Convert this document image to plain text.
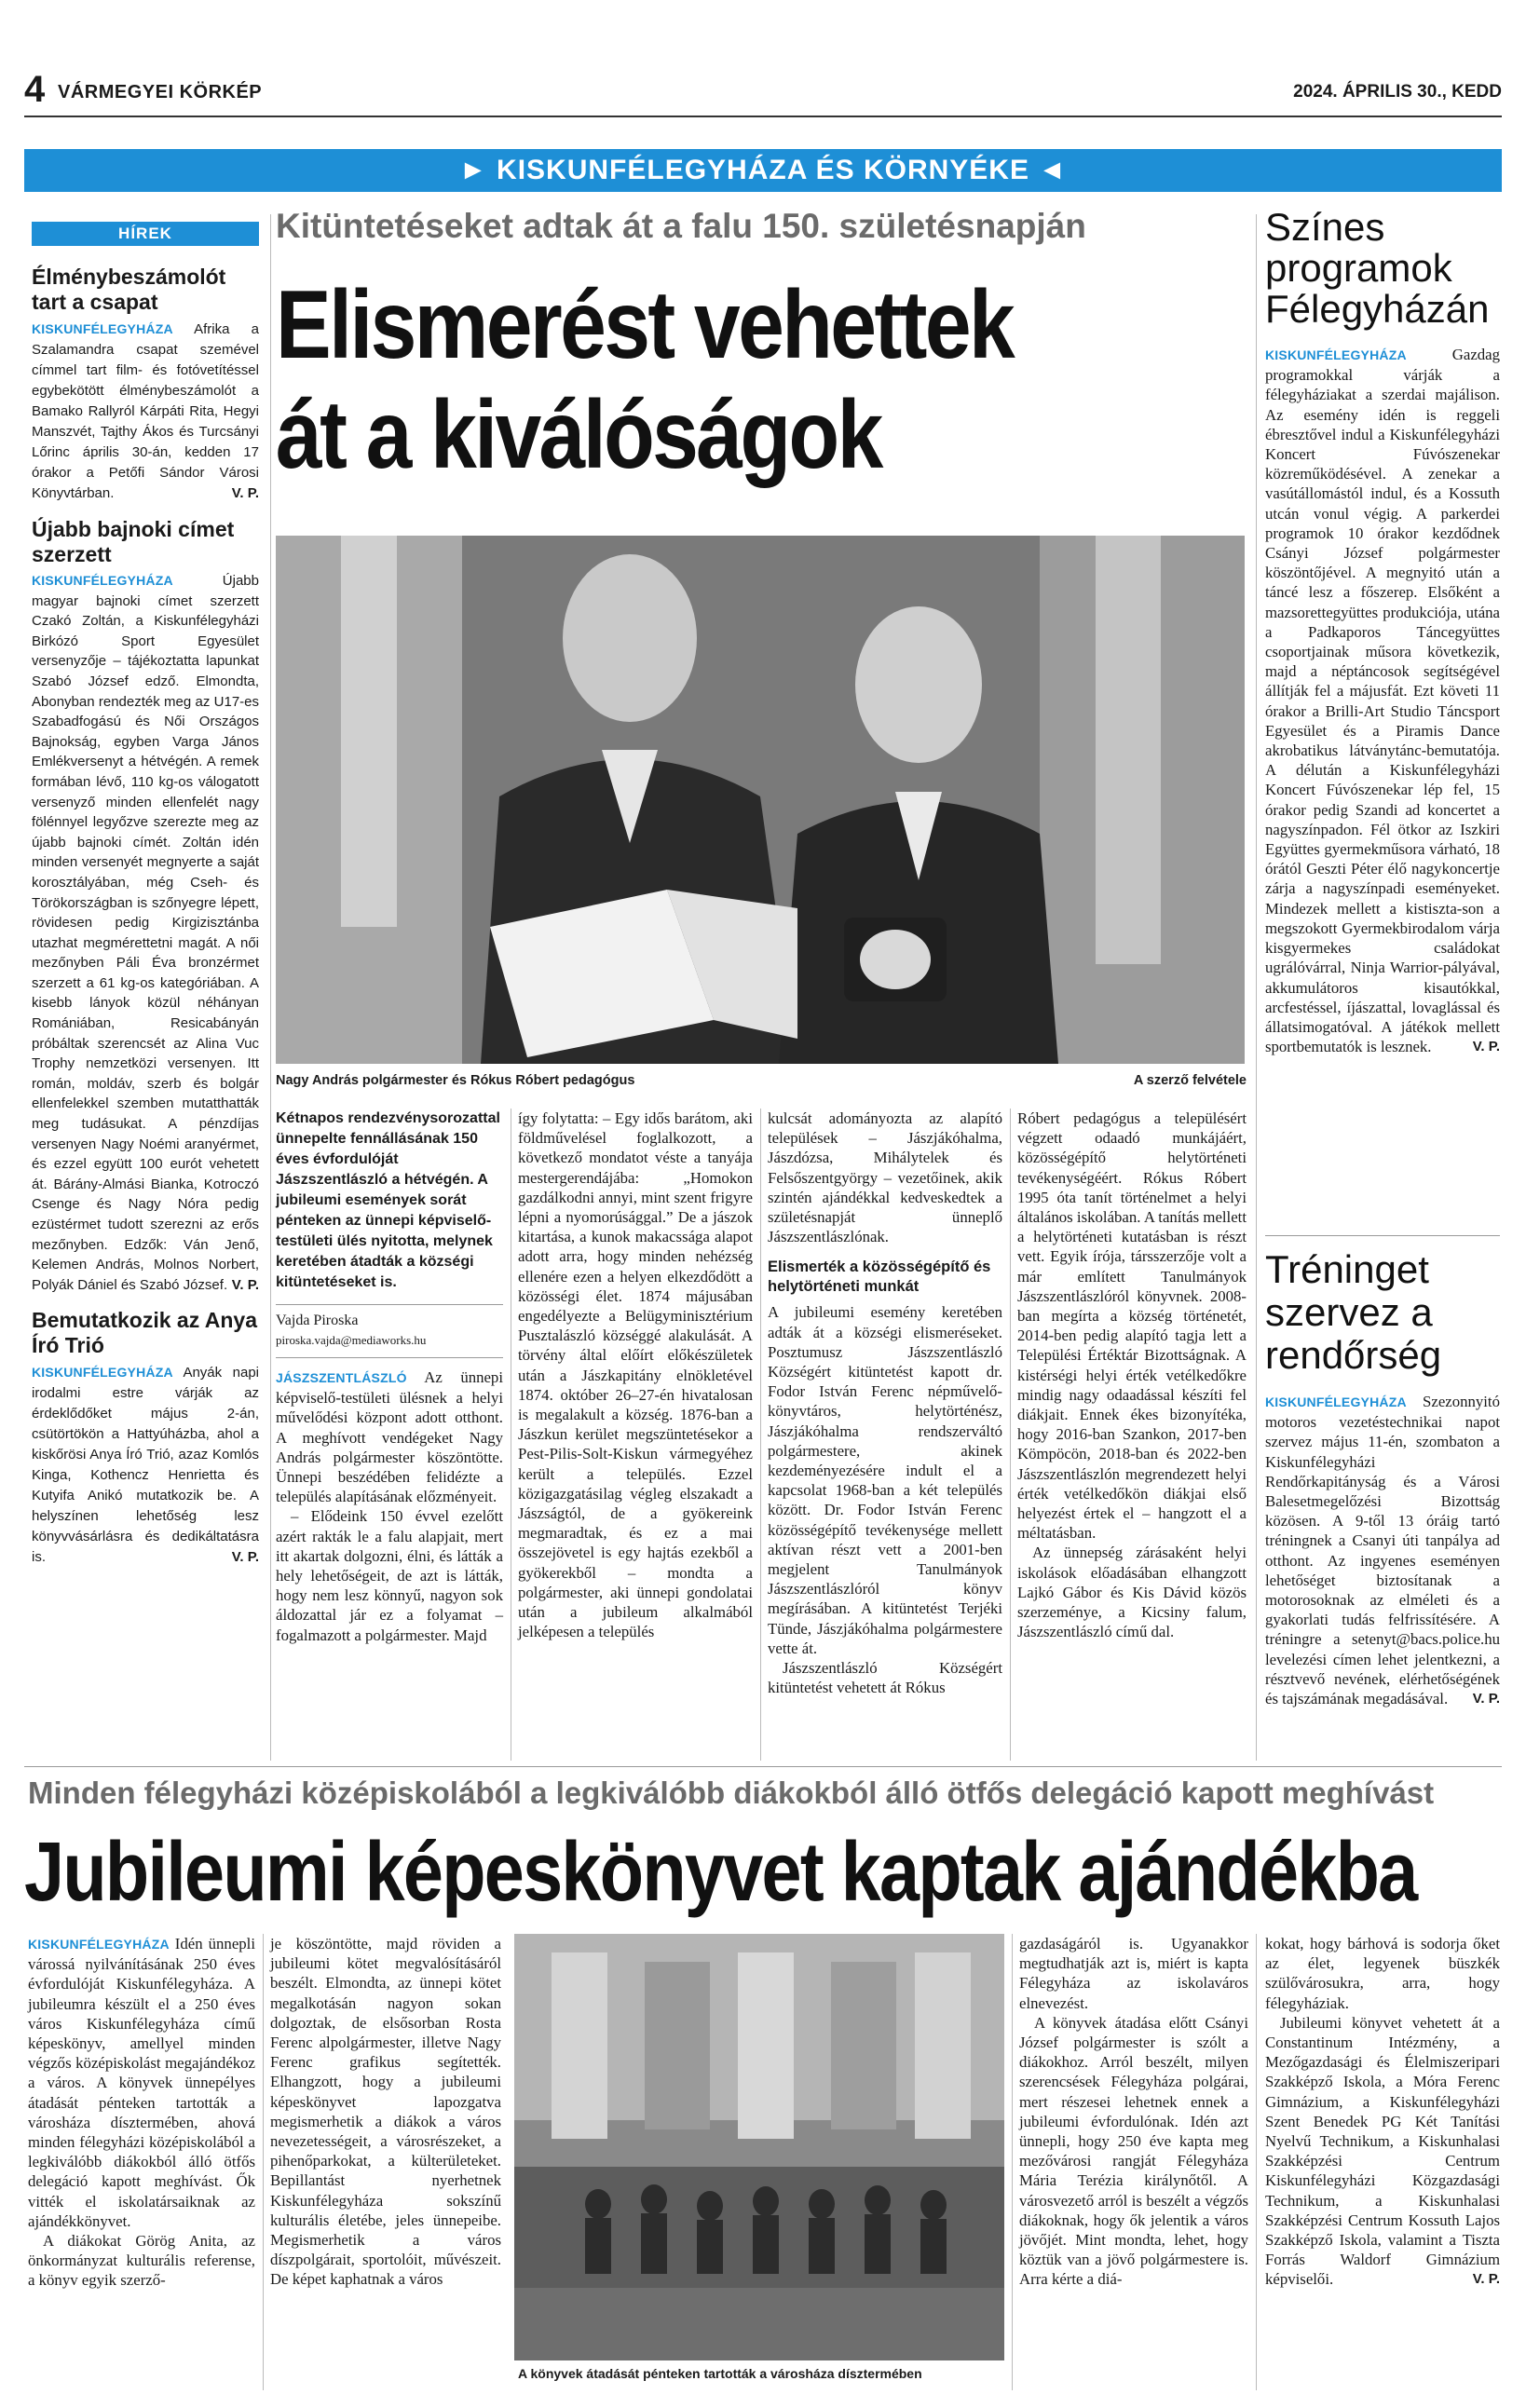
4 VÁRMEGYEI KÖRKÉP	2024. ÁPRILIS 30., KEDD
► KISKUNFÉLEGYHÁZA ÉS KÖRNYÉKE ◄
HÍREK
Élménybeszámolót tart a csapat
KISKUNFÉLEGYHÁZA Afrika a Szalamandra csapat szemével címmel tart film- és fotóvetítéssel egybekötött élménybeszámolót a Bamako Rallyról Kárpáti Rita, Hegyi Manszvét, Tajthy Ákos és Turcsányi Lőrinc április 30-án, kedden 17 órakor a Petőfi Sándor Városi Könyvtárban.	V. P.
Újabb bajnoki címet szerzett
KISKUNFÉLEGYHÁZA	Újabb magyar bajnoki címet szerzett Czakó Zoltán, a Kiskunfélegyházi Birkózó Sport Egyesület versenyzője – tájékoztatta lapunkat Szabó József edző. Elmondta, Abonyban rendezték meg az U17-es Szabadfogású és Női Országos Bajnokság, egyben Varga János Emlékversenyt a hétvégén. A remek formában lévő, 110 kg-os válogatott versenyző minden ellenfelét nagy fölénnyel legyőzve szerezte meg az újabb bajnoki címét. Zoltán idén minden versenyét megnyerte a saját korosztályában, még Cseh- és Törökországban is szőnyegre lépett, rövidesen pedig Kirgizisztánba utazhat megmérettetni magát. A női mezőnyben Páli Éva bronzérmet szerzett a 61 kg-os kategóriában. A kisebb lányok közül néhányan Romániában, Resicabányán próbáltak szerencsét az Alina Vuc Trophy nemzetközi versenyen. Itt román, moldáv, szerb és bolgár ellenfelekkel szemben mutatthatták meg tudásukat. A pénzdíjas versenyen Nagy Noémi aranyérmet, és ezzel együtt 100 eurót vehetett át. Bárány-Almási Bianka, Kotroczó Csenge és Nagy Nóra pedig ezüstérmet tudott szerezni az erős mezőnyben. Edzők: Ván Jenő, Kelemen András, Molnos Norbert, Polyák Dániel és Szabó József. V. P.
Bemutatkozik az Anya Író Trió
KISKUNFÉLEGYHÁZA Anyák napi irodalmi estre várják az érdeklődőket május 2-án, csütörtökön a Hattyúházba, ahol a kiskőrösi Anya Író Trió, azaz Komlós Kinga, Kothencz Henrietta és Kutyifa Anikó mutatkozik be. A helyszínen lehetőség lesz könyvvásárlásra és dedikáltatásra is.	V. P.
Kitüntetéseket adtak át a falu 150. születésnapján
Elismerést vehettek
át a kiválóságok
Nagy András polgármester és Rókus Róbert pedagógus	A szerző felvétele
Kétnapos rendezvénysorozattal ünnepelte fennállásának 150 éves évfordulóját Jászszentlászló a hétvégén. A jubileumi események sorát pénteken az ünnepi képviselő-testületi ülés nyitotta, melynek keretében átadták a községi kitüntetéseket is.
Vajda Piroska
piroska.vajda@mediaworks.hu

JÁSZSZENTLÁSZLÓ Az ünnepi képviselő-testületi ülésnek a helyi művelődési központ adott otthont. A meghívott vendégeket Nagy András polgármester köszöntötte. Ünnepi beszédében felidézte a település alapításának előzményeit.

– Elődeink 150 évvel ezelőtt azért rakták le a falu alapjait, mert itt akartak dolgozni, élni, és látták a hely lehetőségeit, de azt is látták, hogy nem lesz könnyű, nagyon sok áldozattal jár ez a folyamat – fogalmazott a polgármester. Majd

így folytatta: – Egy idős barátom, aki földművelésel foglalkozott, a következő mondatot véste a tanyája mestergerendájába: „Homokon gazdálkodni annyi, mint szent frigyre lépni a nyomorúsággal.” De a jászok kitartása, a kunok makacssága alapot adott arra, hogy minden nehézség ellenére ezen a helyen elkezdődött a közösségi élet. 1874 májusában engedélyezte a Belügyminisztérium Pusztalászló községgé alakulását. A törvény által előírt előkészületek után a Jászkapitány elnökletével 1874. október 26–27-én hivatalosan is megalakult a község. 1876-ban a Jászkun kerület megszüntetésekor a Pest-Pilis-Solt-Kiskun vármegyéhez került a település. Ezzel közigazgatásilag végleg elszakadt a Jászságtól, de a gyökereink megmaradtak, és ez a mai összejövetel is egy hajtás ezekből a gyökerekből – mondta a polgármester, aki ünnepi gondolatai után a jubileum alkalmából jelképesen a település

kulcsát adományozta az alapító települések – Jászjákóhalma, Jászdózsa, Mihálytelek és Felsőszentgyörgy – vezetőinek, akik szintén ajándékkal kedveskedtek a születésnapját ünneplő Jászszentlászlónak.

Elismerték a közösségépítő és helytörténeti munkát

A jubileumi esemény keretében adták át a községi elismeréseket. Posztumusz Jászszentlászló Községért kitüntetést kapott dr. Fodor István Ferenc népművelő-könyvtáros, helytörténész, Jászjákóhalma rendszerváltó polgármestere, akinek kezdeményezésére indult el a kapcsolat 1968-ban a két település között. Dr. Fodor István Ferenc közösségépítő tevékenysége mellett aktívan részt vett a 2001-ben megjelent Tanulmányok Jászszentlászlóról könyv megírásában. A kitüntetést Terjéki Tünde, Jászjákóhalma polgármestere vette át.

Jászszentlászló Községért kitüntetést vehetett át Rókus

Róbert pedagógus a településért végzett odaadó munkájáért, közösségépítő helytörténeti tevékenységéért. Rókus Róbert 1995 óta tanít történelmet a helyi általános iskolában. A tanítás mellett a helytörténeti kutatásban is részt vett. Egyik írója, társszerzője volt a már említett Tanulmányok Jászszentlászlóról könyvnek. 2008-ban megírta a község történetét, 2014-ben pedig alapító tagja lett a Települési Értéktár Bizottságnak. A kistérségi helyi érték vetélkedőkre mindig nagy odaadással készíti fel diákjait. Ennek ékes bizonyítéka, hogy 2016-ban Szankon, 2017-ben Kömpöcön, 2018-ban és 2022-ben Jászszentlászlón megrendezett helyi érték vetélkedőkön diákjai első helyezést értek el – hangzott el a méltatásban.

Az ünnepség zárásaként helyi iskolások előadásában elhangzott Lajkó Gábor és Kis Dávid közös szerzeménye, a Kicsiny falum, Jászszentlászló című dal.

Színes programok Félegyházán

KISKUNFÉLEGYHÁZA	Gazdag programokkal várják a félegyháziakat a szerdai majálison. Az esemény idén is reggeli ébresztővel indul a Kiskunfélegyházi Koncert Fúvószenekar közreműködésével. A zenekar a vasútállomástól indul, és a Kossuth utcán vonul végig. A parkerdei programok 10 órakor kezdődnek Csányi József polgármester köszöntőjével. A megnyitó után a táncé lesz a főszerep. Elsőként a mazsorettegyüttes produkciója, utána a Padkaporos Táncegyüttes csoportjainak műsora következik, majd a néptáncosok segítségével állítják fel a májusfát. Ezt követi 11 órakor a Brilli-Art Studio Táncsport Egyesület és a Piramis Dance akrobatikus látványtánc-bemutatója. A délután a Kiskunfélegyházi Koncert Fúvószenekar lép fel, 15 órakor pedig Szandi ad koncertet a nagyszínpadon. Fél ötkor az Iszkiri Együttes gyermekműsora várható, 18 órától Geszti Péter élő nagykoncertje zárja a nagyszínpadi eseményeket. Mindezek mellett a kistiszta-son a megszokott Gyermekbirodalom várja kisgyermekes családokat ugrálóvárral, Ninja Warrior-pályával, akkumulátoros kisautókkal, arcfestéssel, íjászattal, lovaglással és állatsimogatóval. A játékok mellett sportbemutatók is lesznek.	V. P.

Tréninget szervez a rendőrség

KISKUNFÉLEGYHÁZA Szezonnyitó motoros vezetéstechnikai napot szervez május 11-én, szombaton a Kiskunfélegyházi Rendőrkapitányság és a Városi Balesetmegelőzési Bizottság közösen. A 9-től 13 óráig tartó tréningnek a Csanyi úti tanpálya ad otthont. Az ingyenes eseményen lehetőséget biztosítanak a motorosoknak az elméleti és a gyakorlati tudás felfrissítésére. A tréningre a setenyt@bacs.police.hu levelezési címen lehet jelentkezni, a résztvevő nevének, elérhetőségének és tajszámának megadásával. V. P.

Minden félegyházi középiskolából a legkiválóbb diákokból álló ötfős delegáció kapott meghívást
Jubileumi képeskönyvet kaptak ajándékba

KISKUNFÉLEGYHÁZA Idén ünnepli várossá nyilvánításának 250 éves évfordulóját Kiskunfélegyháza. A jubileumra készült el a 250 éves város Kiskunfélegyháza című képeskönyv, amellyel minden végzős középiskolást megajándékoz a város. A könyvek ünnepélyes átadását pénteken tartották a városháza dísztermében, ahová minden félegyházi középiskolából a legkiválóbb diákokból álló ötfős delegáció kapott meghívást. Ők vitték el iskolatársaiknak az ajándékkönyvet.

A diákokat Görög Anita, az önkormányzat kulturális referense, a könyv egyik szerző-

je köszöntötte, majd röviden a jubileumi kötet megvalósításáról beszélt. Elmondta, az ünnepi kötet megalkotásán nagyon sokan dolgoztak, de elsősorban Rosta Ferenc alpolgármester, illetve Nagy Ferenc grafikus segítették. Elhangzott, hogy a jubileumi képeskönyvet lapozgatva megismerhetik a diákok a város nevezetességeit, a városrészeket, a pihenőparkokat, a külterületeket. Bepillantást nyerhetnek Kiskunfélegyháza sokszínű kulturális életébe, jeles ünnepeibe. Megismerhetik a város díszpolgárait, sportolóit, művészeit. De képet kaphatnak a város

A könyvek átadását pénteken tartották a városháza dísztermében

gazdaságáról is. Ugyanakkor megtudhatják azt is, miért is kapta Félegyháza az iskolaváros elnevezést.

A könyvek átadása előtt Csányi József polgármester is szólt a diákokhoz. Arról beszélt, milyen szerencsések Félegyháza polgárai, mert részesei lehetnek ennek a jubileumi évfordulónak. Idén azt ünnepli, hogy 250 éve kapta meg mezővárosi rangját Félegyháza Mária Terézia királynőtől. A városvezető arról is beszélt a végzős diákoknak, hogy ők jelentik a város jövőjét. Mint mondta, lehet, hogy köztük van a jövő polgármestere is. Arra kérte a diá-

kokat, hogy bárhová is sodorja őket az élet, legyenek büszkék szülővárosukra, arra, hogy félegyháziak.

Jubileumi könyvet vehetett át a Constantinum Intézmény, a Mezőgazdasági és Élelmiszeripari Szakképző Iskola, a Móra Ferenc Gimnázium, a Kiskunfélegyházi Szent Benedek PG Két Tanítási Nyelvű Technikum, a Kiskunhalasi Szakképzési Centrum Kiskunfélegyházi Közgazdasági Technikum, a Kiskunhalasi Szakképzési Centrum Kossuth Lajos Szakképző Iskola, valamint a Tiszta Forrás Waldorf Gimnázium képviselői.	V. P.
